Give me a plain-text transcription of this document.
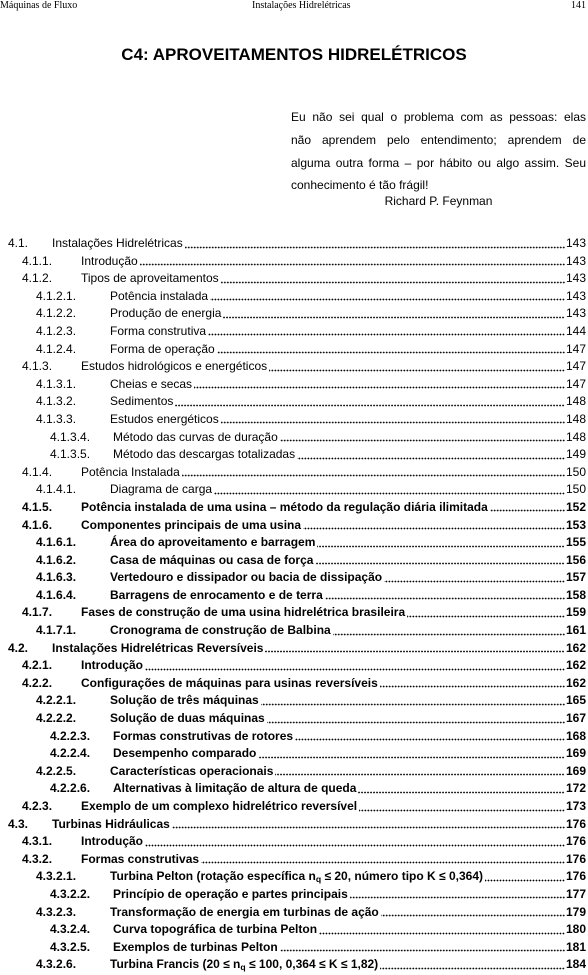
Máquinas de Fluxo	Instalações Hidrelétricas	141
C4: APROVEITAMENTOS HIDRELÉTRICOS
Eu não sei qual o problema com as pessoas: elas
não aprendem pelo entendimento; aprendem de
alguma outra forma – por hábito ou algo assim. Seu
conhecimento é tão frágil!
Richard P. Feynman
4.1.	Instalações Hidrelétricas	143
4.1.1.	Introdução	143
4.1.2.	Tipos de aproveitamentos	143
4.1.2.1.	Potência instalada	143
4.1.2.2.	Produção de energia	143
4.1.2.3.	Forma construtiva	144
4.1.2.4.	Forma de operação	147
4.1.3.	Estudos hidrológicos e energéticos	147
4.1.3.1.	Cheias e secas	147
4.1.3.2.	Sedimentos	148
4.1.3.3.	Estudos energéticos	148
4.1.3.4.	Método das curvas de duração	148
4.1.3.5.	Método das descargas totalizadas	149
4.1.4.	Potência Instalada	150
4.1.4.1.	Diagrama de carga	150
4.1.5.	Potência instalada de uma usina – método da regulação diária ilimitada	152
4.1.6.	Componentes principais de uma usina	153
4.1.6.1.	Área do aproveitamento e barragem	155
4.1.6.2.	Casa de máquinas ou casa de força	156
4.1.6.3.	Vertedouro e dissipador ou bacia de dissipação	157
4.1.6.4.	Barragens de enrocamento e de terra	158
4.1.7.	Fases de construção de uma usina hidrelétrica brasileira	159
4.1.7.1.	Cronograma de construção de Balbina	161
4.2.	Instalações Hidrelétricas Reversíveis	162
4.2.1.	Introdução	162
4.2.2.	Configurações de máquinas para usinas reversíveis	162
4.2.2.1.	Solução de três máquinas	165
4.2.2.2.	Solução de duas máquinas	167
4.2.2.3.	Formas construtivas de rotores	168
4.2.2.4.	Desempenho comparado	169
4.2.2.5.	Características operacionais	169
4.2.2.6.	Alternativas à limitação de altura de queda	172
4.2.3.	Exemplo de um complexo hidrelétrico reversível	173
4.3.	Turbinas Hidráulicas	176
4.3.1.	Introdução	176
4.3.2.	Formas construtivas	176
4.3.2.1.	Turbina Pelton (rotação específica $n_q \le 20$, número tipo K ≤ 0,364)	176
4.3.2.2.	Princípio de operação e partes principais	177
4.3.2.3.	Transformação de energia em turbinas de ação	179
4.3.2.4.	Curva topográfica de turbina Pelton	180
4.3.2.5.	Exemplos de turbinas Pelton	181
4.3.2.6.	Turbina Francis ($20 \le n_q \le 100$, 0,364 ≤ K ≤ 1,82)	184
